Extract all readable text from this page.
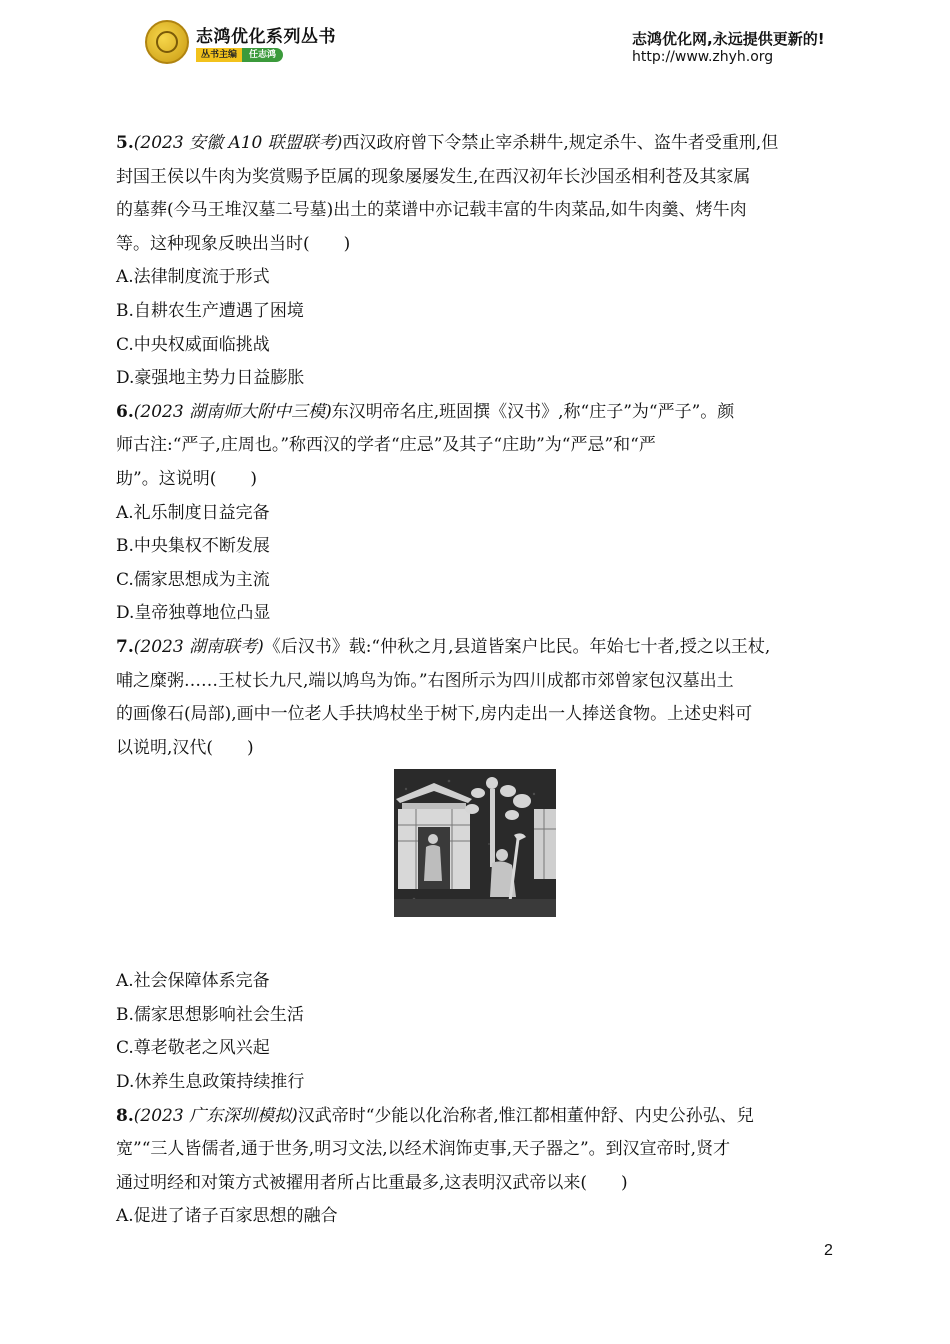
志鸿优化系列丛书
丛书主编	任志鸿
志鸿优化网,永远提供更新的!
http://www.zhyh.org
5.(2023 安徽 A10 联盟联考)西汉政府曾下令禁止宰杀耕牛,规定杀牛、盗牛者受重刑,但
封国王侯以牛肉为奖赏赐予臣属的现象屡屡发生,在西汉初年长沙国丞相利苍及其家属
的墓葬(今马王堆汉墓二号墓)出土的菜谱中亦记载丰富的牛肉菜品,如牛肉羹、烤牛肉
等。这种现象反映出当时(　　)
A.法律制度流于形式
B.自耕农生产遭遇了困境
C.中央权威面临挑战
D.豪强地主势力日益膨胀
6.(2023 湖南师大附中三模)东汉明帝名庄,班固撰《汉书》,称“庄子”为“严子”。颜
师古注:“严子,庄周也。”称西汉的学者“庄忌”及其子“庄助”为“严忌”和“严
助”。这说明(　　)
A.礼乐制度日益完备
B.中央集权不断发展
C.儒家思想成为主流
D.皇帝独尊地位凸显
7.(2023 湖南联考)《后汉书》载:“仲秋之月,县道皆案户比民。年始七十者,授之以王杖,
哺之糜粥……王杖长九尺,端以鸠鸟为饰。”右图所示为四川成都市郊曾家包汉墓出土
的画像石(局部),画中一位老人手扶鸠杖坐于树下,房内走出一人捧送食物。上述史料可
以说明,汉代(　　)
A.社会保障体系完备
B.儒家思想影响社会生活
C.尊老敬老之风兴起
D.休养生息政策持续推行
8.(2023 广东深圳模拟)汉武帝时“少能以化治称者,惟江都相董仲舒、内史公孙弘、兒
宽”“三人皆儒者,通于世务,明习文法,以经术润饰吏事,天子器之”。到汉宣帝时,贤才
通过明经和对策方式被擢用者所占比重最多,这表明汉武帝以来(　　)
A.促进了诸子百家思想的融合
2
